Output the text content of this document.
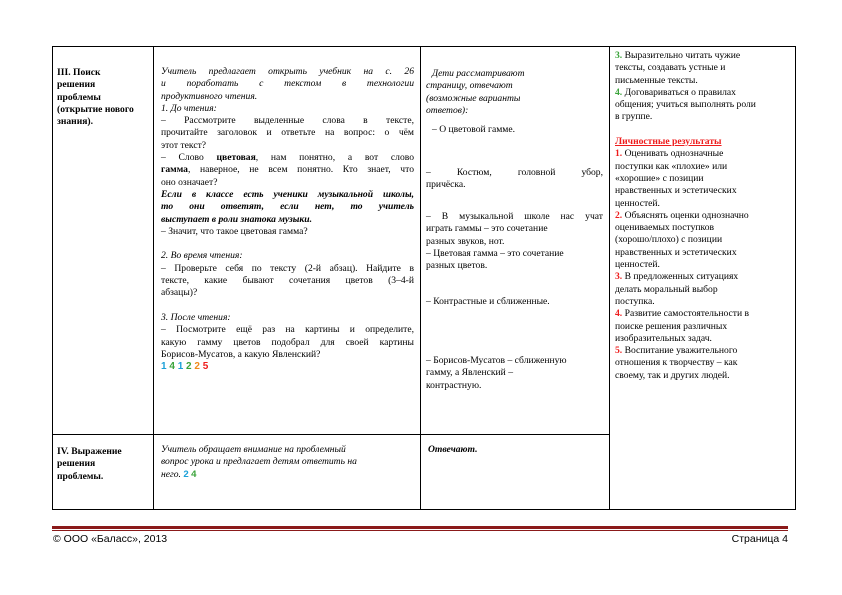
III. Поиск
решения
проблемы
(открытие нового
знания).
Учитель предлагает открыть учебник на с. 26
и поработать с текстом в технологии
продуктивного чтения.
1. До чтения:
– Рассмотрите выделенные слова в тексте,
прочитайте заголовок и ответьте на вопрос: о чём
этот текст?
– Слово цветовая, нам понятно, а вот слово
гамма, наверное, не всем понятно. Кто знает, что
оно означает?
Если в классе есть ученики музыкальной школы,
то они ответят, если нет, то учитель
выступает в роли знатока музыки.
– Значит, что такое цветовая гамма?
2. Во время чтения:
– Проверьте себя по тексту (2-й абзац). Найдите в
тексте, какие бывают сочетания цветов (3–4-й
абзацы)?
3. После чтения:
– Посмотрите ещё раз на картины и определите,
какую гамму цветов подобрал для своей картины
Борисов-Мусатов, а какую Явленский?
1 4 1 2 2 5
Дети рассматривают
страницу, отвечают
(возможные варианты
ответов):
– О цветовой гамме.
– Костюм, головной убор,
причёска.
– В музыкальной школе нас учат
играть гаммы – это сочетание
разных звуков, нот.
– Цветовая гамма – это сочетание
разных цветов.
– Контрастные и сближенные.
– Борисов-Мусатов – сближенную
гамму, а Явленский –
контрастную.
3. Выразительно читать чужие
тексты, создавать устные и
письменные тексты.
4. Договариваться о правилах
общения; учиться выполнять роли
в группе.
Личностные результаты
1. Оценивать однозначные
поступки как «плохие» или
«хорошие» с позиции
нравственных и эстетических
ценностей.
2. Объяснять оценки однозначно
оцениваемых поступков
(хорошо/плохо) с позиции
нравственных и эстетических
ценностей.
3. В предложенных ситуациях
делать моральный выбор
поступка.
4. Развитие самостоятельности в
поиске решения различных
изобразительных задач.
5. Воспитание уважительного
отношения к творчеству – как
своему, так и других людей.
IV. Выражение
решения
проблемы.
Учитель обращает внимание на проблемный
вопрос урока и предлагает детям ответить на
него. 2 4
Отвечают.
© ООО «Баласс», 2013	Страница 4
